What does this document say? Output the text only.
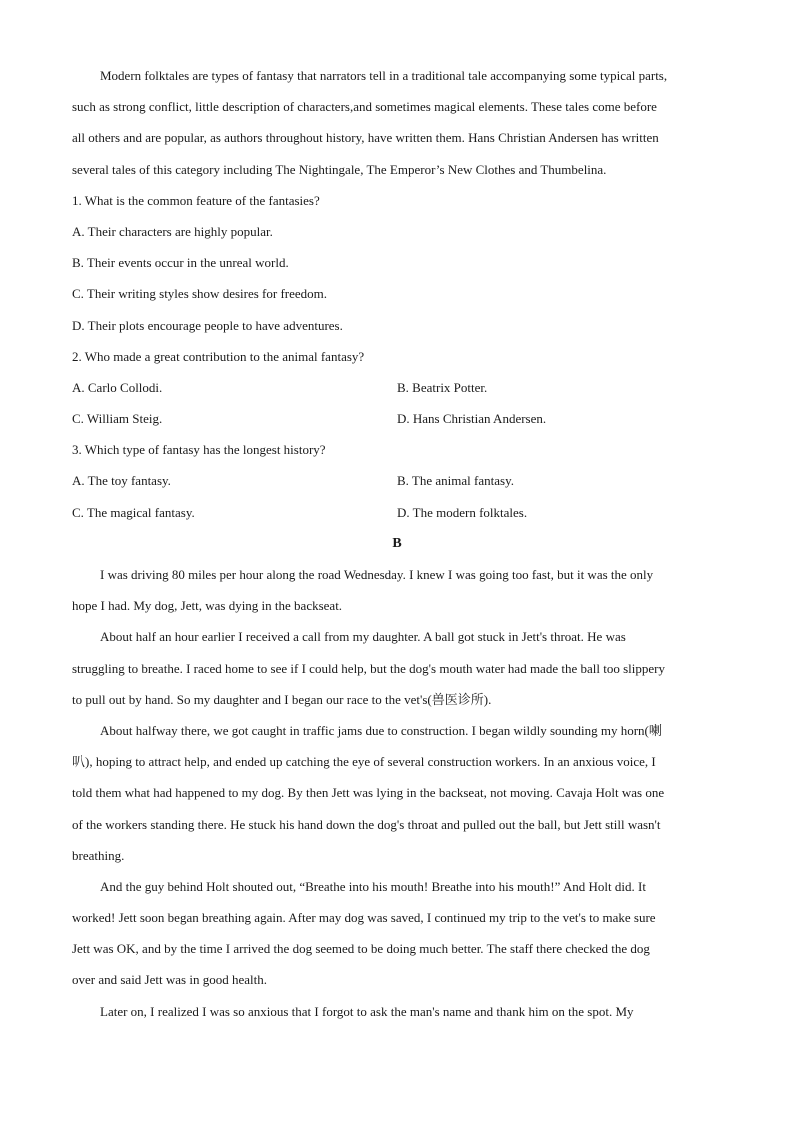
Modern folktales are types of fantasy that narrators tell in a traditional tale accompanying some typical parts,
such as strong conflict, little description of characters,and sometimes magical elements. These tales come before
all others and are popular, as authors throughout history, have written them. Hans Christian Andersen has written
several tales of this category including The Nightingale, The Emperor’s New Clothes and Thumbelina.
1. What is the common feature of the fantasies?
A. Their characters are highly popular.
B. Their events occur in the unreal world.
C. Their writing styles show desires for freedom.
D. Their plots encourage people to have adventures.
2. Who made a great contribution to the animal fantasy?
A. Carlo Collodi.	B. Beatrix Potter.
C. William Steig.	D. Hans Christian Andersen.
3. Which type of fantasy has the longest history?
A. The toy fantasy.	B. The animal fantasy.
C. The magical fantasy.	D. The modern folktales.
B
I was driving 80 miles per hour along the road Wednesday. I knew I was going too fast, but it was the only
hope I had. My dog, Jett, was dying in the backseat.
About half an hour earlier I received a call from my daughter. A ball got stuck in Jett's throat. He was
struggling to breathe. I raced home to see if I could help, but the dog's mouth water had made the ball too slippery
to pull out by hand. So my daughter and I began our race to the vet's(兽医诊所).
About halfway there, we got caught in traffic jams due to construction. I began wildly sounding my horn(喇
叭), hoping to attract help, and ended up catching the eye of several construction workers. In an anxious voice, I
told them what had happened to my dog. By then Jett was lying in the backseat, not moving. Cavaja Holt was one
of the workers standing there. He stuck his hand down the dog's throat and pulled out the ball, but Jett still wasn't
breathing.
And the guy behind Holt shouted out, “Breathe into his mouth! Breathe into his mouth!” And Holt did. It
worked! Jett soon began breathing again. After may dog was saved, I continued my trip to the vet's to make sure
Jett was OK, and by the time I arrived the dog seemed to be doing much better. The staff there checked the dog
over and said Jett was in good health.
Later on, I realized I was so anxious that I forgot to ask the man's name and thank him on the spot. My
